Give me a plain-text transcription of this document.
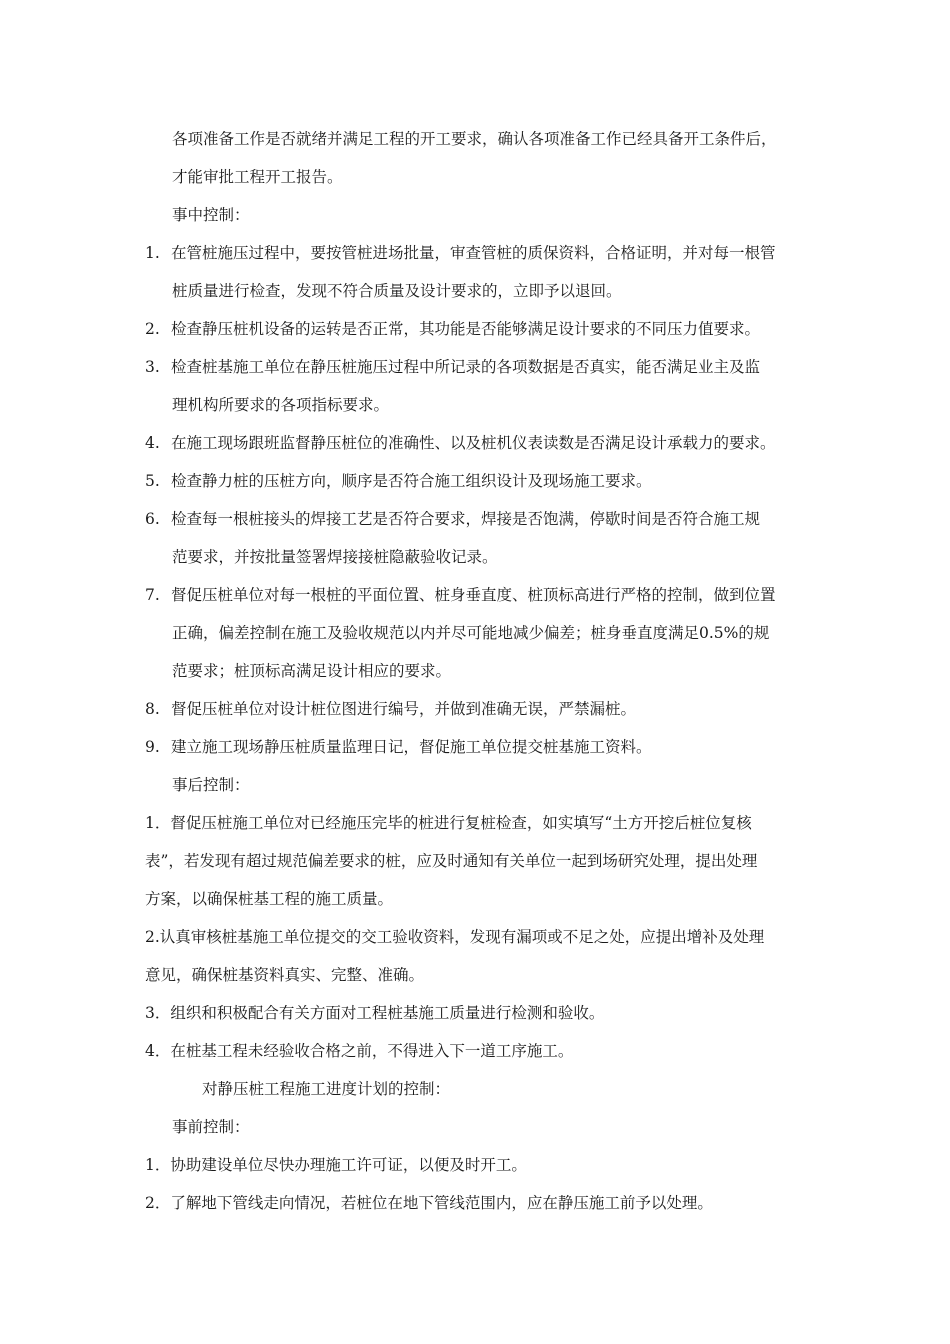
各项准备工作是否就绪并满足工程的开工要求，确认各项准备工作已经具备开工条件后，
才能审批工程开工报告。
事中控制：
1. 在管桩施压过程中，要按管桩进场批量，审查管桩的质保资料，合格证明，并对每一根管
桩质量进行检查，发现不符合质量及设计要求的，立即予以退回。
2. 检查静压桩机设备的运转是否正常，其功能是否能够满足设计要求的不同压力值要求。
3. 检查桩基施工单位在静压桩施压过程中所记录的各项数据是否真实，能否满足业主及监
理机构所要求的各项指标要求。
4. 在施工现场跟班监督静压桩位的准确性、以及桩机仪表读数是否满足设计承载力的要求。
5. 检查静力桩的压桩方向，顺序是否符合施工组织设计及现场施工要求。
6. 检查每一根桩接头的焊接工艺是否符合要求，焊接是否饱满，停歇时间是否符合施工规
范要求，并按批量签署焊接接桩隐蔽验收记录。
7. 督促压桩单位对每一根桩的平面位置、桩身垂直度、桩顶标高进行严格的控制，做到位置
正确，偏差控制在施工及验收规范以内并尽可能地减少偏差；桩身垂直度满足0.5%的规
范要求；桩顶标高满足设计相应的要求。
8. 督促压桩单位对设计桩位图进行编号，并做到准确无误，严禁漏桩。
9. 建立施工现场静压桩质量监理日记，督促施工单位提交桩基施工资料。
事后控制：
1．督促压桩施工单位对已经施压完毕的桩进行复桩检查，如实填写“土方开挖后桩位复核
表”，若发现有超过规范偏差要求的桩，应及时通知有关单位一起到场研究处理，提出处理
方案，以确保桩基工程的施工质量。
2.认真审核桩基施工单位提交的交工验收资料，发现有漏项或不足之处，应提出增补及处理
意见，确保桩基资料真实、完整、准确。
3．组织和积极配合有关方面对工程桩基施工质量进行检测和验收。
4．在桩基工程未经验收合格之前，不得进入下一道工序施工。
对静压桩工程施工进度计划的控制：
事前控制：
1．协助建设单位尽快办理施工许可证，以便及时开工。
2．了解地下管线走向情况，若桩位在地下管线范围内，应在静压施工前予以处理。
